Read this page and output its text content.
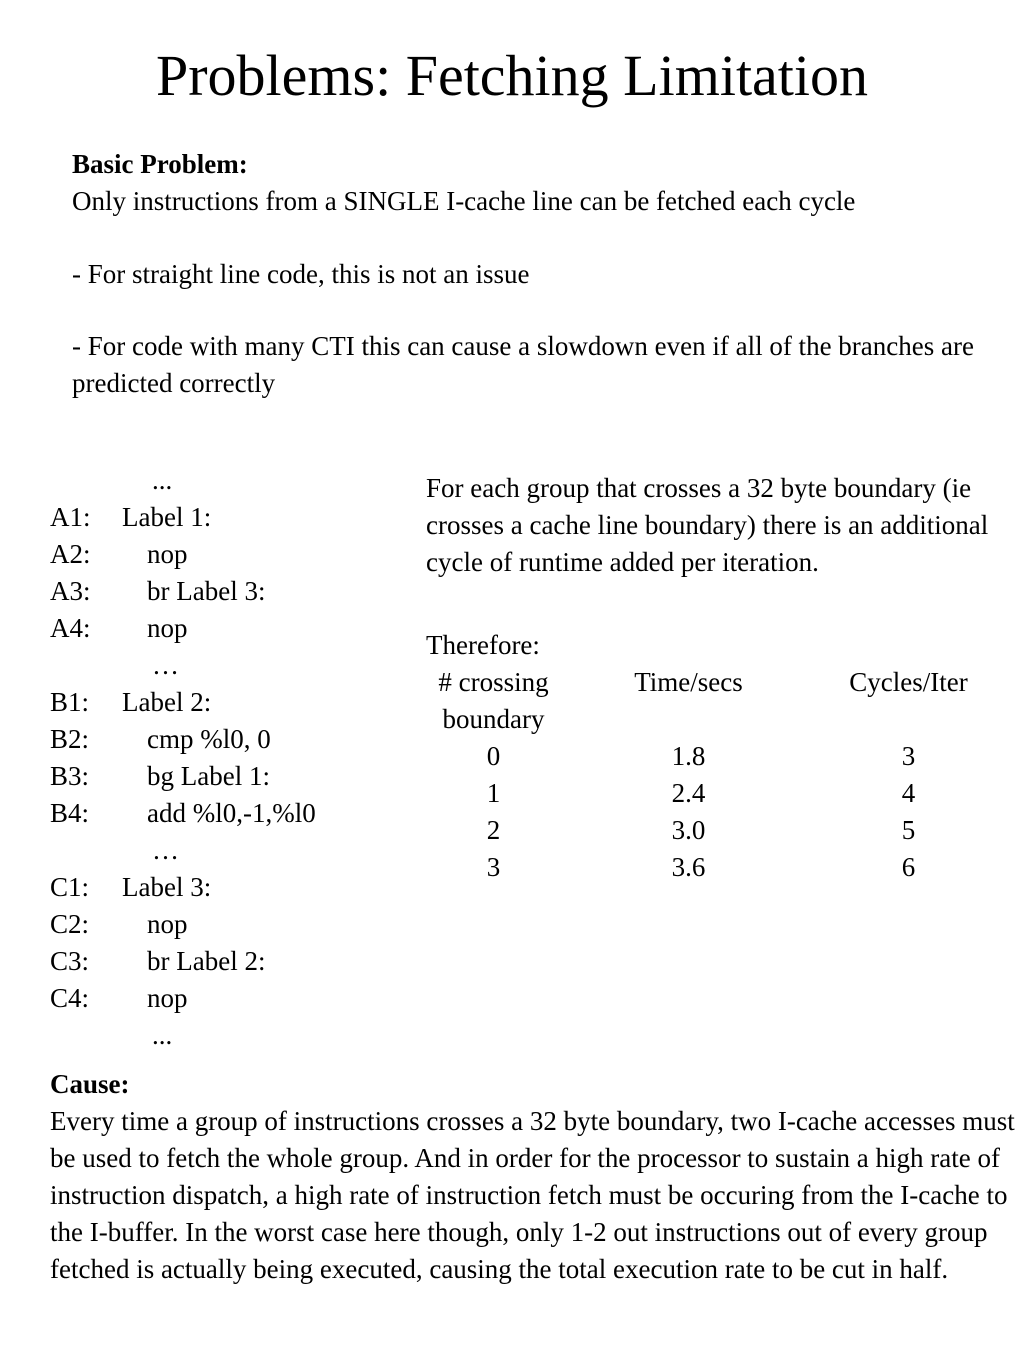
Problems: Fetching Limitation
Basic Problem:
Only instructions from a SINGLE I-cache line can be fetched each cycle
- For straight line code, this is not an issue
- For code with many CTI this can cause a slowdown even if all of the branches are predicted correctly
...
A1:	Label 1:
A2:	nop
A3:	br Label 3:
A4:	nop
…
B1:	Label 2:
B2:	cmp %l0, 0
B3:	bg Label 1:
B4:	add %l0,-1,%l0
…
C1:	Label 3:
C2:	nop
C3:	br Label 2:
C4:	nop
...
For each group that crosses a 32 byte boundary (ie crosses a cache line boundary) there is an additional cycle of runtime added per iteration.
Therefore:
# crossing	Time/secs	Cycles/Iter
boundary
0	1.8	3
1	2.4	4
2	3.0	5
3	3.6	6
Cause:
Every time a group of instructions crosses a 32 byte boundary, two I-cache accesses must be used to fetch the whole group. And in order for the processor to sustain a high rate of instruction dispatch, a high rate of instruction fetch must be occuring from the I-cache to the I-buffer. In the worst case here though, only 1-2 out instructions out of every group fetched is actually being executed, causing the total execution rate to be cut in half.
